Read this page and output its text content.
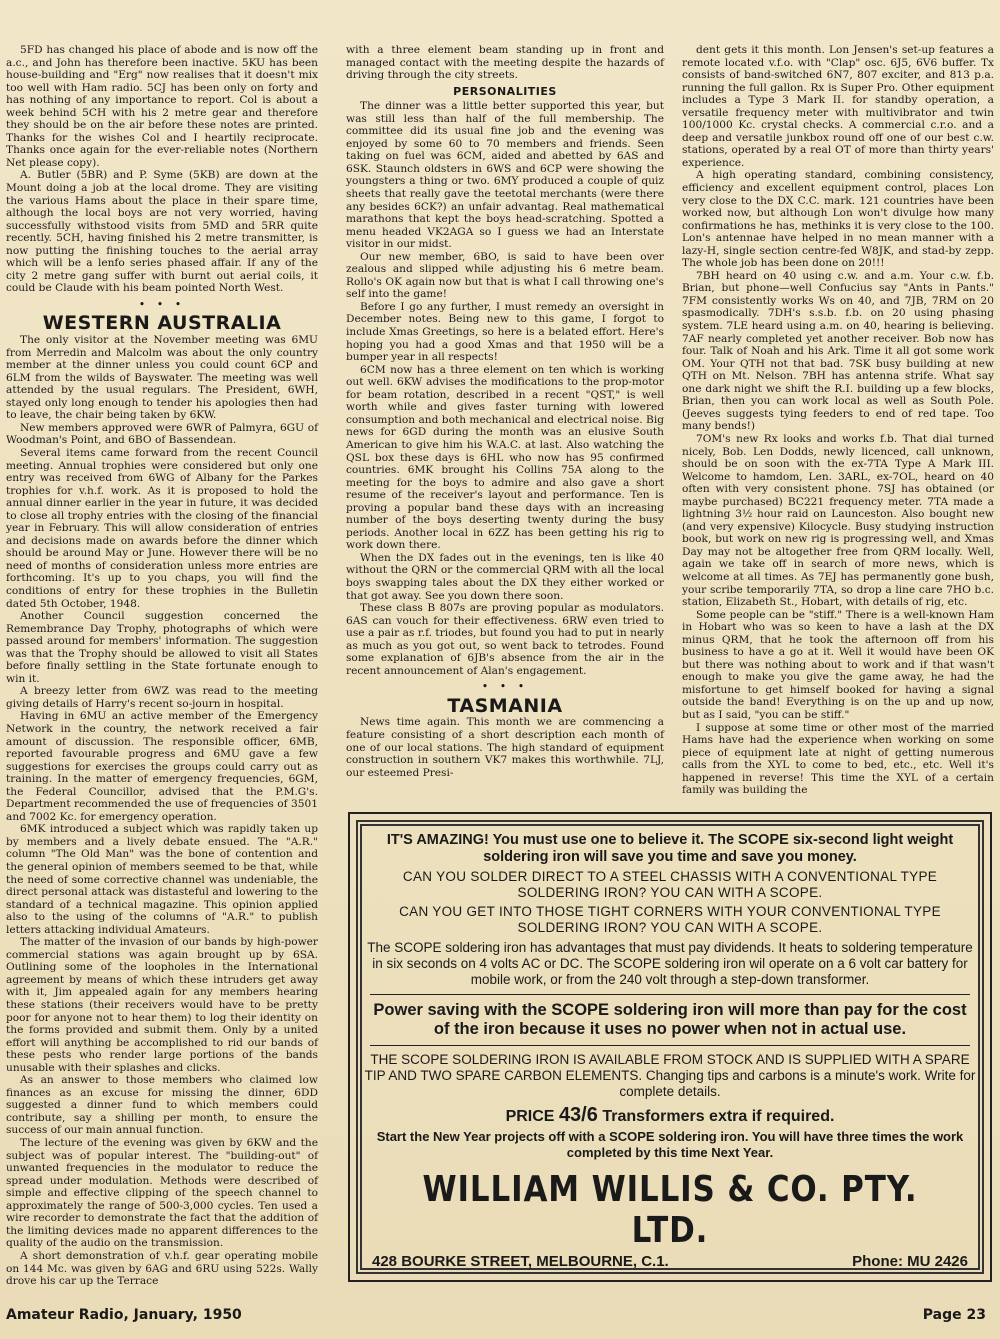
5FD has changed his place of abode and is now off the a.c., and John has therefore been inactive. 5KU has been house-building and "Erg" now realises that it doesn't mix too well with Ham radio. 5CJ has been only on forty and has nothing of any importance to report. Col is about a week behind 5CH with his 2 metre gear and therefore they should be on the air before these notes are printed. Thanks for the wishes Col and I heartily reciprocate. Thanks once again for the ever-reliable notes (Northern Net please copy).

A. Butler (5BR) and P. Syme (5KB) are down at the Mount doing a job at the local drome. They are visiting the various Hams about the place in their spare time, although the local boys are not very worried, having successfully withstood visits from 5MD and 5RR quite recently. 5CH, having finished his 2 metre transmitter, is now putting the finishing touches to the aerial array which will be a lenfo series phased affair. If any of the city 2 metre gang suffer with burnt out aerial coils, it could be Claude with his beam pointed North West.

• • •
WESTERN AUSTRALIA

The only visitor at the November meeting was 6MU from Merredin and Malcolm was about the only country member at the dinner unless you could count 6CP and 6LM from the wilds of Bayswater. The meeting was well attended by the usual regulars. The President, 6WH, stayed only long enough to tender his apologies then had to leave, the chair being taken by 6KW.

New members approved were 6WR of Palmyra, 6GU of Woodman's Point, and 6BO of Bassendean.

Several items came forward from the recent Council meeting. Annual trophies were considered but only one entry was received from 6WG of Albany for the Parkes trophies for v.h.f. work. As it is proposed to hold the annual dinner earlier in the year in future, it was decided to close all trophy entries with the closing of the financial year in February. This will allow consideration of entries and decisions made on awards before the dinner which should be around May or June. However there will be no need of months of consideration unless more entries are forthcoming. It's up to you chaps, you will find the conditions of entry for these trophies in the Bulletin dated 5th October, 1948.

Another Council suggestion concerned the Remembrance Day Trophy, photographs of which were passed around for members' information. The suggestion was that the Trophy should be allowed to visit all States before finally settling in the State fortunate enough to win it.

A breezy letter from 6WZ was read to the meeting giving details of Harry's recent so-journ in hospital.

Having in 6MU an active member of the Emergency Network in the country, the network received a fair amount of discussion. The responsible officer, 6MB, reported favourable progress and 6MU gave a few suggestions for exercises the groups could carry out as training. In the matter of emergency frequencies, 6GM, the Federal Councillor, advised that the P.M.G's. Department recommended the use of frequencies of 3501 and 7002 Kc. for emergency operation.

6MK introduced a subject which was rapidly taken up by members and a lively debate ensued. The "A.R." column "The Old Man" was the bone of contention and the general opinion of members seemed to be that, while the need of some corrective channel was undeniable, the direct personal attack was distasteful and lowering to the standard of a technical magazine. This opinion applied also to the using of the columns of "A.R." to publish letters attacking individual Amateurs.

The matter of the invasion of our bands by high-power commercial stations was again brought up by 6SA. Outlining some of the loopholes in the International agreement by means of which these intruders get away with it, Jim appealed again for any members hearing these stations (their receivers would have to be pretty poor for anyone not to hear them) to log their identity on the forms provided and submit them. Only by a united effort will anything be accomplished to rid our bands of these pests who render large portions of the bands unusable with their splashes and clicks.

As an answer to those members who claimed low finances as an excuse for missing the dinner, 6DD suggested a dinner fund to which members could contribute, say a shilling per month, to ensure the success of our main annual function.

The lecture of the evening was given by 6KW and the subject was of popular interest. The "building-out" of unwanted frequencies in the modulator to reduce the spread under modulation. Methods were described of simple and effective clipping of the speech channel to approximately the range of 500-3,000 cycles. Ten used a wire recorder to demonstrate the fact that the addition of the limiting devices made no apparent differences to the quality of the audio on the transmission.

A short demonstration of v.h.f. gear operating mobile on 144 Mc. was given by 6AG and 6RU using 522s. Wally drove his car up the Terrace

with a three element beam standing up in front and managed contact with the meeting despite the hazards of driving through the city streets.

PERSONALITIES

The dinner was a little better supported this year, but was still less than half of the full membership. The committee did its usual fine job and the evening was enjoyed by some 60 to 70 members and friends. Seen taking on fuel was 6CM, aided and abetted by 6AS and 6SK. Staunch oldsters in 6WS and 6CP were showing the youngsters a thing or two. 6MY produced a couple of quiz sheets that really gave the teetotal merchants (were there any besides 6CK?) an unfair advantag. Real mathematical marathons that kept the boys head-scratching. Spotted a menu headed VK2AGA so I guess we had an Interstate visitor in our midst.

Our new member, 6BO, is said to have been over zealous and slipped while adjusting his 6 metre beam. Rollo's OK again now but that is what I call throwing one's self into the game!

Before I go any further, I must remedy an oversight in December notes. Being new to this game, I forgot to include Xmas Greetings, so here is a belated effort. Here's hoping you had a good Xmas and that 1950 will be a bumper year in all respects!

6CM now has a three element on ten which is working out well. 6KW advises the modifications to the prop-motor for beam rotation, described in a recent "QST," is well worth while and gives faster turning with lowered consumption and both mechanical and electrical noise. Big news for 6GD during the month was an elusive South American to give him his W.A.C. at last. Also watching the QSL box these days is 6HL who now has 95 confirmed countries. 6MK brought his Collins 75A along to the meeting for the boys to admire and also gave a short resume of the receiver's layout and performance. Ten is proving a popular band these days with an increasing number of the boys deserting twenty during the busy periods. Another local in 6ZZ has been getting his rig to work down there.

When the DX fades out in the evenings, ten is like 40 without the QRN or the commercial QRM with all the local boys swapping tales about the DX they either worked or that got away. See you down there soon.

These class B 807s are proving popular as modulators. 6AS can vouch for their effectiveness. 6RW even tried to use a pair as r.f. triodes, but found you had to put in nearly as much as you got out, so went back to tetrodes. Found some explanation of 6JB's absence from the air in the recent announcement of Alan's engagement.

• • •
TASMANIA

News time again. This month we are commencing a feature consisting of a short description each month of one of our local stations. The high standard of equipment construction in southern VK7 makes this worthwhile. 7LJ, our esteemed Presi-

dent gets it this month. Lon Jensen's set-up features a remote located v.f.o. with "Clap" osc. 6J5, 6V6 buffer. Tx consists of band-switched 6N7, 807 exciter, and 813 p.a. running the full gallon. Rx is Super Pro. Other equipment includes a Type 3 Mark II. for standby operation, a versatile frequency meter with multivibrator and twin 100/1000 Kc. crystal checks. A commercial c.r.o. and a deep and versatile junkbox round off one of our best c.w. stations, operated by a real OT of more than thirty years' experience.

A high operating standard, combining consistency, efficiency and excellent equipment control, places Lon very close to the DX C.C. mark. 121 countries have been worked now, but although Lon won't divulge how many confirmations he has, methinks it is very close to the 100. Lon's antennae have helped in no mean manner with a lazy-H, single section centre-fed W8JK, and stad-by zepp. The whole job has been done on 20!!!

7BH heard on 40 using c.w. and a.m. Your c.w. f.b. Brian, but phone—well Confucius say "Ants in Pants." 7FM consistently works Ws on 40, and 7JB, 7RM on 20 spasmodically. 7DH's s.s.b. f.b. on 20 using phasing system. 7LE heard using a.m. on 40, hearing is believing. 7AF nearly completed yet another receiver. Bob now has four. Talk of Noah and his Ark. Time it all got some work OM. Your QTH not that bad. 7SK busy building at new QTH on Mt. Nelson. 7BH has antenna strife. What say one dark night we shift the R.I. building up a few blocks, Brian, then you can work local as well as South Pole. (Jeeves suggests tying feeders to end of red tape. Too many bends!)

7OM's new Rx looks and works f.b. That dial turned nicely, Bob. Len Dodds, newly licenced, call unknown, should be on soon with the ex-7TA Type A Mark III. Welcome to hamdom, Len. 3ARL, ex-7OL, heard on 40 often with very consistent phone. 7SJ has obtained (or maybe purchased) BC221 frequency meter. 7TA made a lightning 3½ hour raid on Launceston. Also bought new (and very expensive) Kilocycle. Busy studying instruction book, but work on new rig is progressing well, and Xmas Day may not be altogether free from QRM locally. Well, again we take off in search of more news, which is welcome at all times. As 7EJ has permanently gone bush, your scribe temporarily 7TA, so drop a line care 7HO b.c. station, Elizabeth St., Hobart, with details of rig, etc.

Some people can be "stiff." There is a well-known Ham in Hobart who was so keen to have a lash at the DX minus QRM, that he took the afternoon off from his business to have a go at it. Well it would have been OK but there was nothing about to work and if that wasn't enough to make you give the game away, he had the misfortune to get himself booked for having a signal outside the band! Everything is on the up and up now, but as I said, "you can be stiff."

I suppose at some time or other most of the married Hams have had the experience when working on some piece of equipment late at night of getting numerous calls from the XYL to come to bed, etc., etc. Well it's happened in reverse! This time the XYL of a certain family was building the

IT'S AMAZING! You must use one to believe it. The SCOPE six-second light weight soldering iron will save you time and save you money.
CAN YOU SOLDER DIRECT TO A STEEL CHASSIS WITH A CONVENTIONAL TYPE SOLDERING IRON? YOU CAN WITH A SCOPE.
CAN YOU GET INTO THOSE TIGHT CORNERS WITH YOUR CONVENTIONAL TYPE SOLDERING IRON? YOU CAN WITH A SCOPE.
The SCOPE soldering iron has advantages that must pay dividends. It heats to soldering temperature in six seconds on 4 volts AC or DC. The SCOPE soldering iron wil operate on a 6 volt car battery for mobile work, or from the 240 volt through a step-down transformer.
Power saving with the SCOPE soldering iron will more than pay for the cost of the iron because it uses no power when not in actual use.
THE SCOPE SOLDERING IRON IS AVAILABLE FROM STOCK AND IS SUPPLIED WITH A SPARE TIP AND TWO SPARE CARBON ELEMENTS. Changing tips and carbons is a minute's work. Write for complete details.
PRICE 43/6 Transformers extra if required.
Start the New Year projects off with a SCOPE soldering iron. You will have three times the work completed by this time Next Year.
WILLIAM WILLIS & CO. PTY. LTD.
428 BOURKE STREET, MELBOURNE, C.1.	Phone: MU 2426
Amateur Radio, January, 1950	Page 23
